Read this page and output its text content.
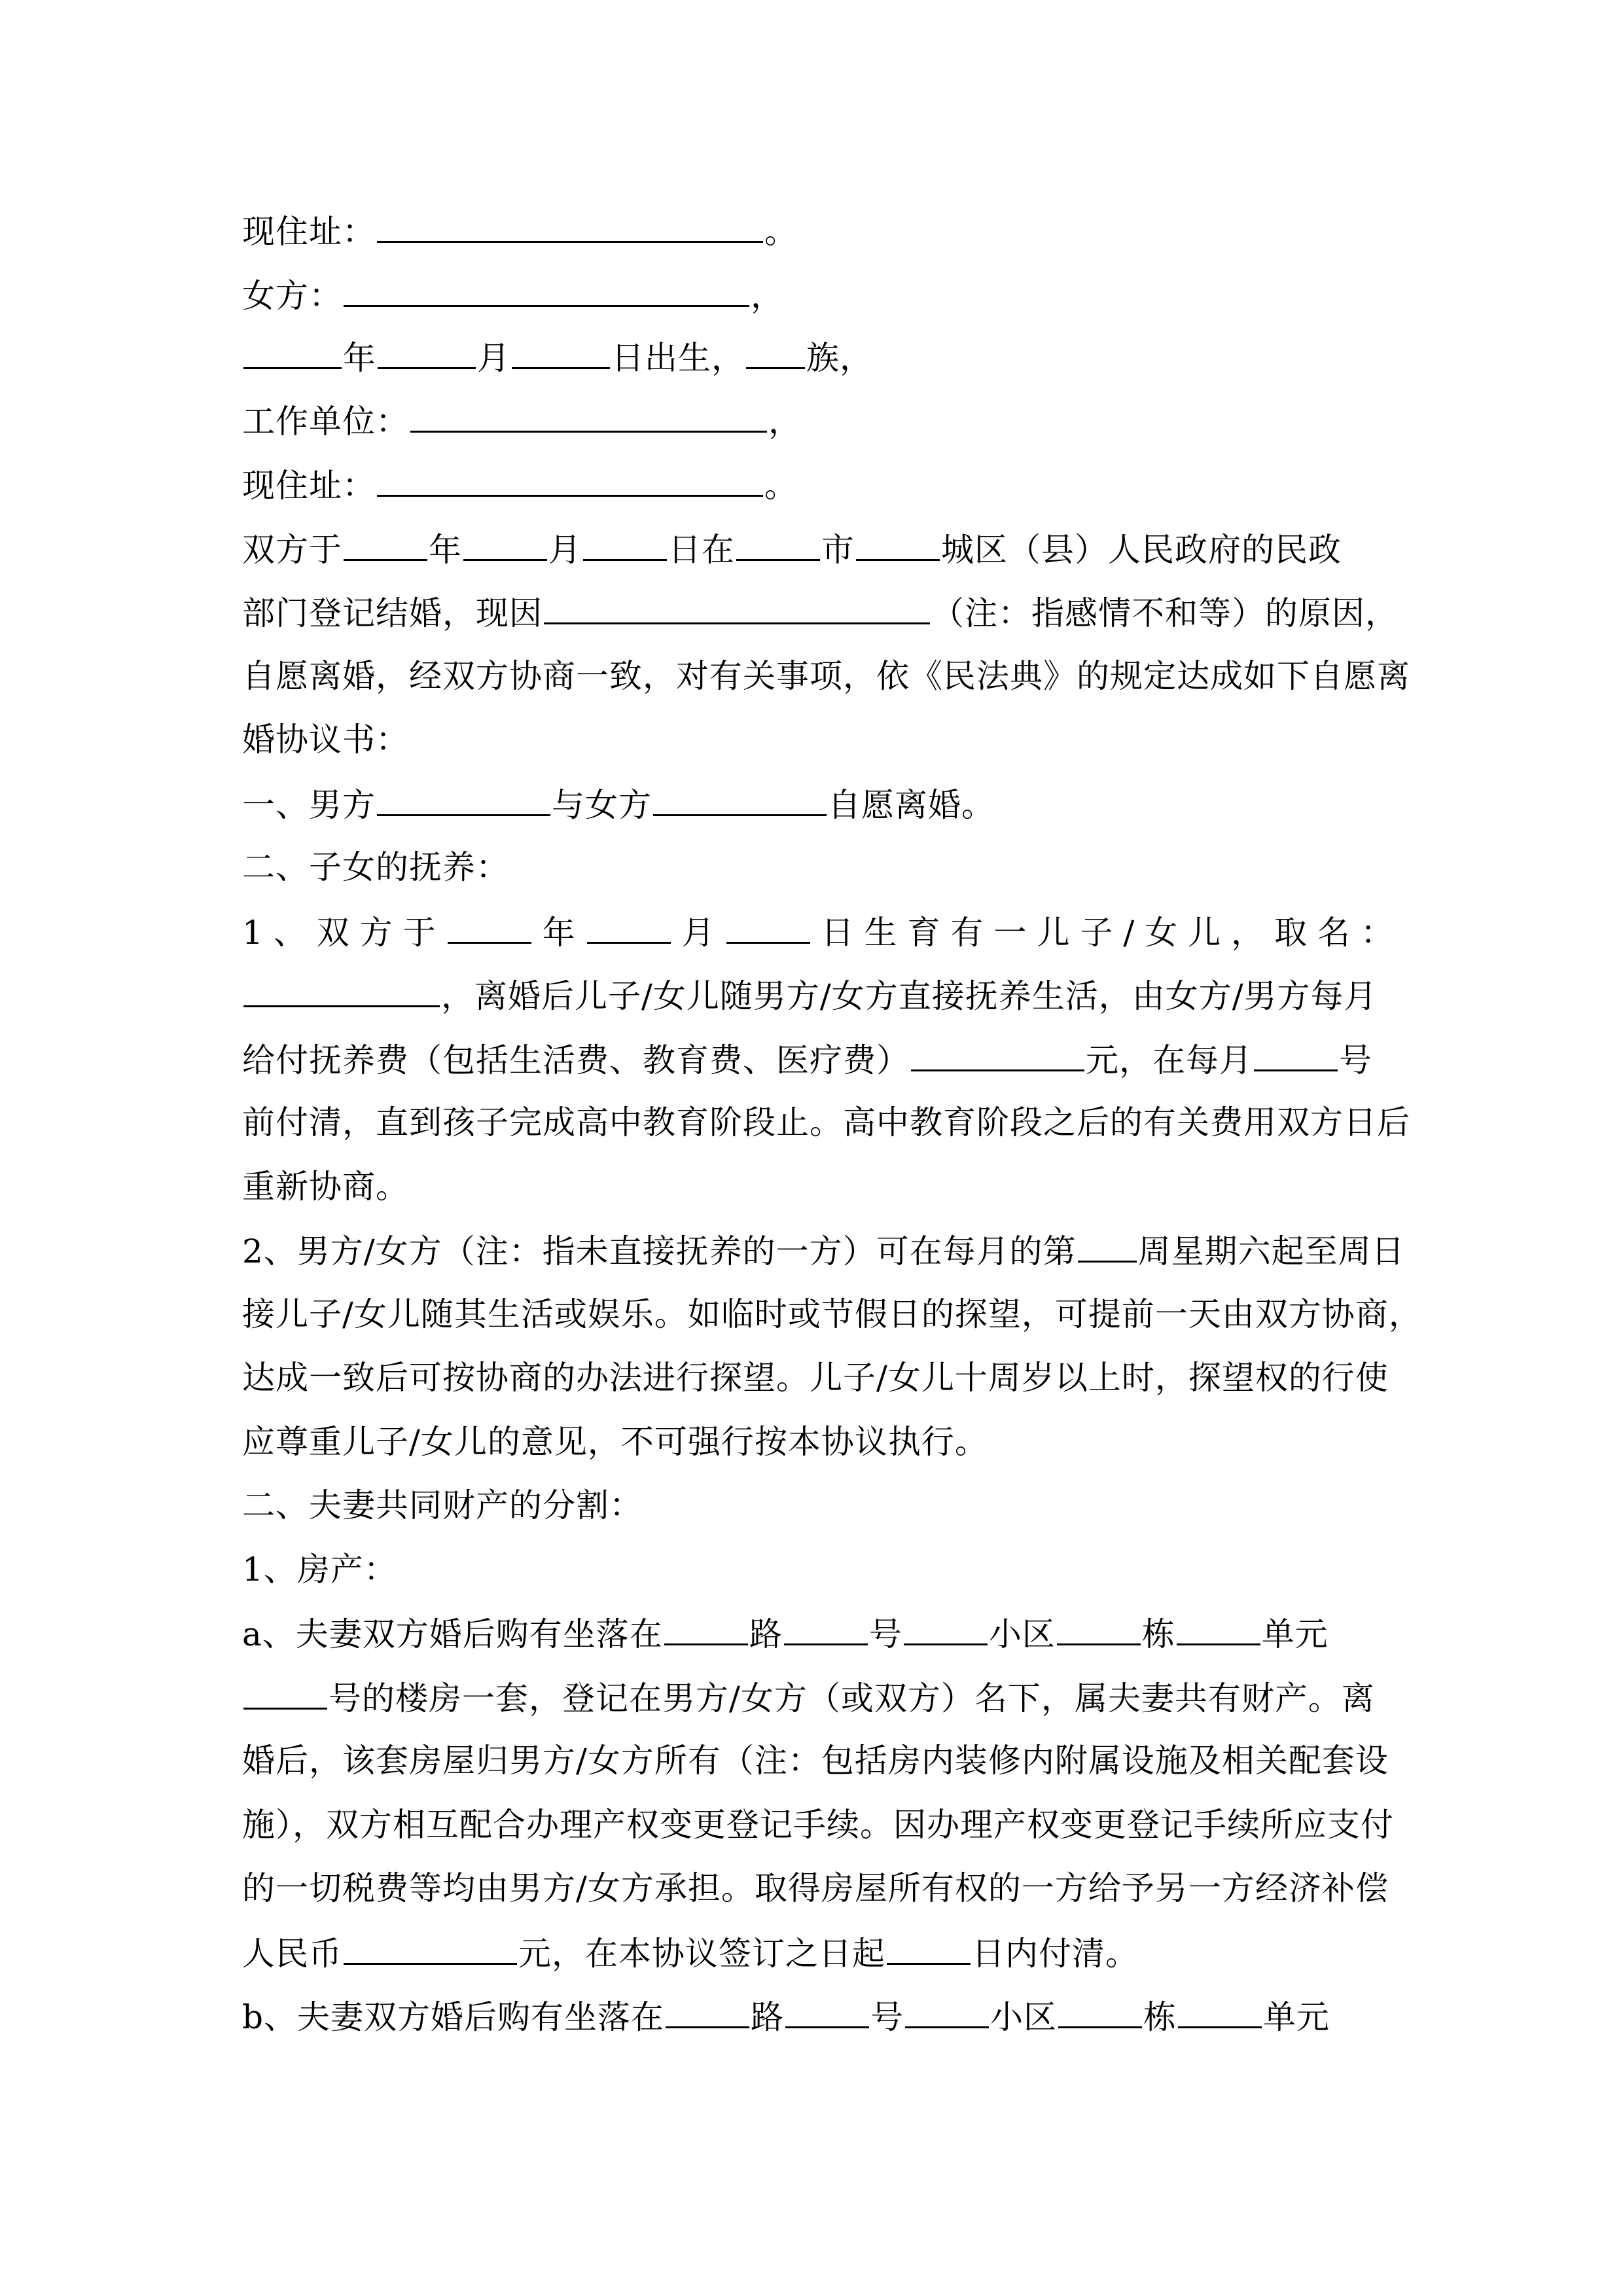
现住址：	。
女方：	，
年	月	日出生， 族，
工作单位：	，
现住址：	。
双方于	年	月	日在	市	城区（县）人民政府的民政
部门登记结婚，现因	（注：指感情不和等）的原因，
自愿离婚，经双方协商一致，对有关事项，依《民法典》的规定达成如下自愿离
婚协议书：
一、男方	与女方	自愿离婚。
二、子女的抚养：
1、双方于	年	月	日生育有一儿子/女儿，取名：
，离婚后儿子/女儿随男方/女方直接抚养生活，由女方/男方每月
给付抚养费（包括生活费、教育费、医疗费）	元，在每月	号
前付清，直到孩子完成高中教育阶段止。高中教育阶段之后的有关费用双方日后
重新协商。
2、男方/女方（注：指未直接抚养的一方）可在每月的第 周星期六起至周日
接儿子/女儿随其生活或娱乐。如临时或节假日的探望，可提前一天由双方协商，
达成一致后可按协商的办法进行探望。儿子/女儿十周岁以上时，探望权的行使
应尊重儿子/女儿的意见，不可强行按本协议执行。
二、夫妻共同财产的分割：
1、房产：
a、夫妻双方婚后购有坐落在	路	号	小区	栋	单元
号的楼房一套，登记在男方/女方（或双方）名下，属夫妻共有财产。离
婚后，该套房屋归男方/女方所有（注：包括房内装修内附属设施及相关配套设
施），双方相互配合办理产权变更登记手续。因办理产权变更登记手续所应支付
的一切税费等均由男方/女方承担。取得房屋所有权的一方给予另一方经济补偿
人民币	元，在本协议签订之日起	日内付清。
b、夫妻双方婚后购有坐落在	路	号	小区	栋	单元
